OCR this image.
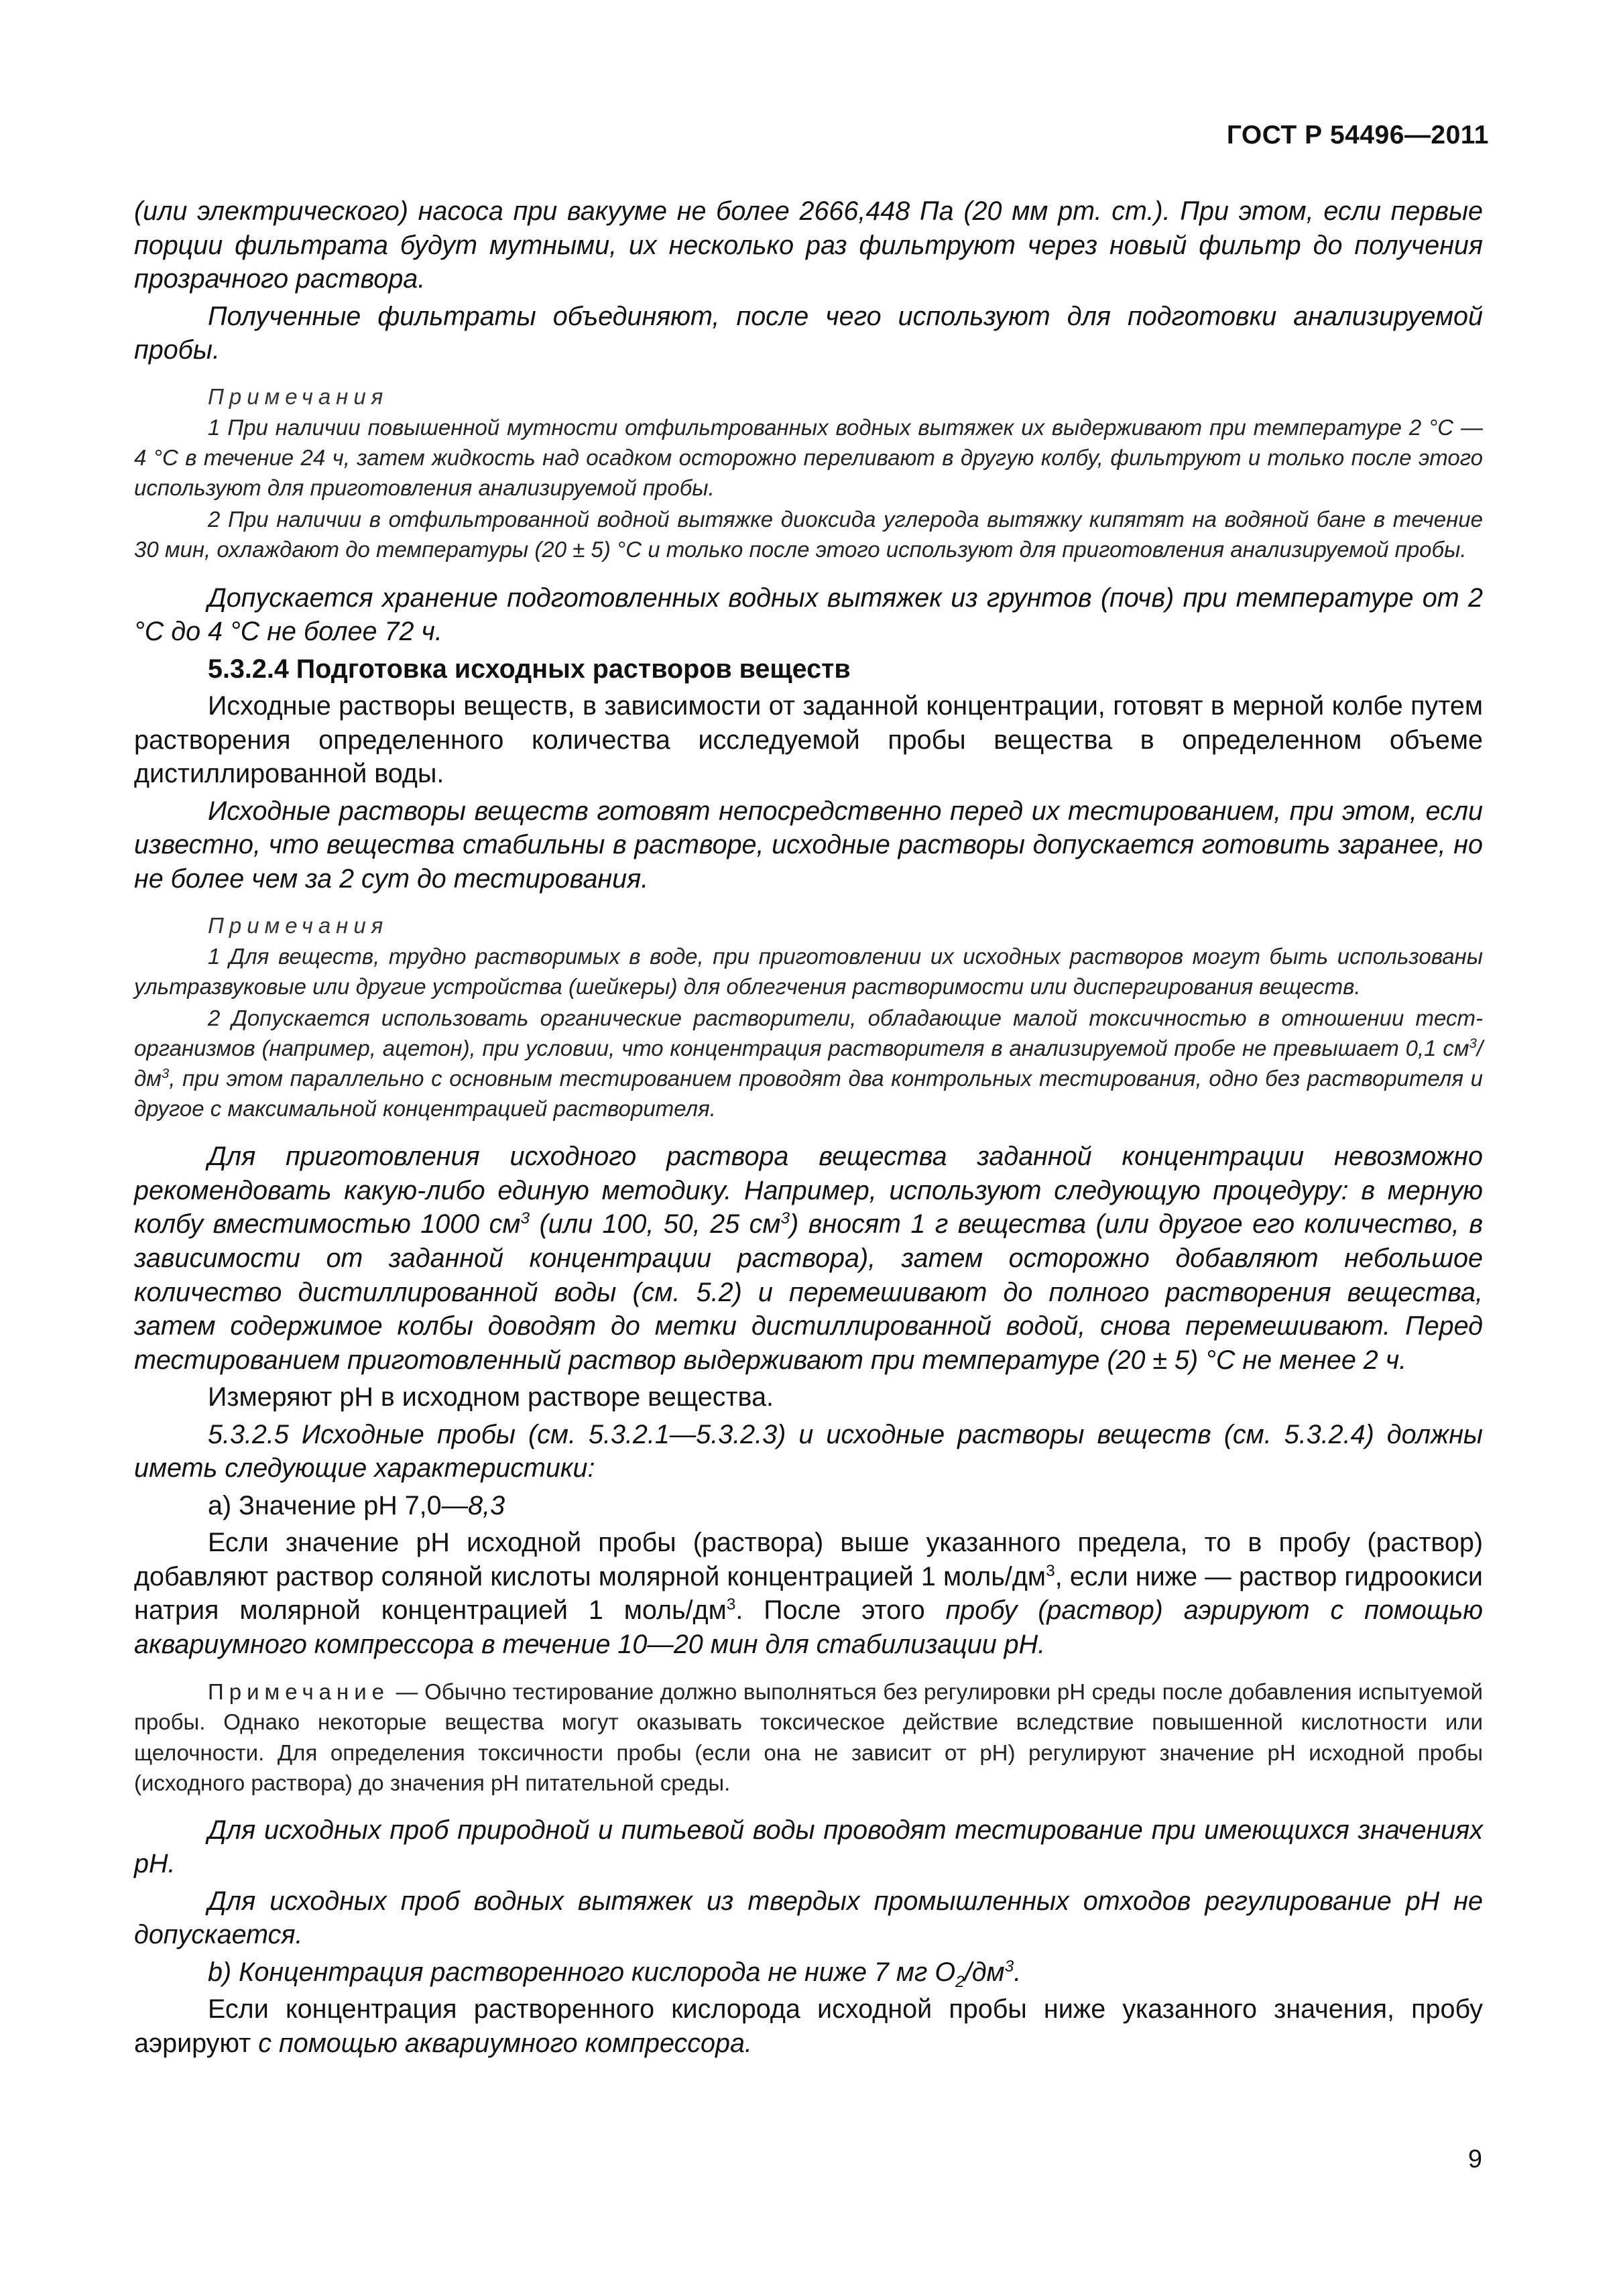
ГОСТ Р 54496—2011

(или электрического) насоса при вакууме не более 2666,448 Па (20 мм рт. ст.). При этом, если первые порции фильтрата будут мутными, их несколько раз фильтруют через новый фильтр до получения прозрачного раствора.

Полученные фильтраты объединяют, после чего используют для подготовки анализируемой пробы.

Примечания

1 При наличии повышенной мутности отфильтрованных водных вытяжек их выдерживают при температуре 2 °С — 4 °С в течение 24 ч, затем жидкость над осадком осторожно переливают в другую колбу, фильтруют и только после этого используют для приготовления анализируемой пробы.

2 При наличии в отфильтрованной водной вытяжке диоксида углерода вытяжку кипятят на водяной бане в течение 30 мин, охлаждают до температуры (20 ± 5) °С и только после этого используют для приготовления анализируемой пробы.

Допускается хранение подготовленных водных вытяжек из грунтов (почв) при температуре от 2 °С до 4 °С не более 72 ч.

5.3.2.4 Подготовка исходных растворов веществ

Исходные растворы веществ, в зависимости от заданной концентрации, готовят в мерной колбе путем растворения определенного количества исследуемой пробы вещества в определенном объеме дистиллированной воды.

Исходные растворы веществ готовят непосредственно перед их тестированием, при этом, если известно, что вещества стабильны в растворе, исходные растворы допускается готовить заранее, но не более чем за 2 сут до тестирования.

Примечания

1 Для веществ, трудно растворимых в воде, при приготовлении их исходных растворов могут быть использованы ультразвуковые или другие устройства (шейкеры) для облегчения растворимости или диспергирования веществ.

2 Допускается использовать органические растворители, обладающие малой токсичностью в отношении тест-организмов (например, ацетон), при условии, что концентрация растворителя в анализируемой пробе не превышает 0,1 $см^3/дм^3$, при этом параллельно с основным тестированием проводят два контрольных тестирования, одно без растворителя и другое с максимальной концентрацией растворителя.

Для приготовления исходного раствора вещества заданной концентрации невозможно рекомендовать какую-либо единую методику. Например, используют следующую процедуру: в мерную колбу вместимостью 1000 $см^3$ (или 100, 50, 25 $см^3$) вносят 1 г вещества (или другое его количество, в зависимости от заданной концентрации раствора), затем осторожно добавляют небольшое количество дистиллированной воды (см. 5.2) и перемешивают до полного растворения вещества, затем содержимое колбы доводят до метки дистиллированной водой, снова перемешивают. Перед тестированием приготовленный раствор выдерживают при температуре (20 ± 5) °С не менее 2 ч.

Измеряют pH в исходном растворе вещества.

5.3.2.5 Исходные пробы (см. 5.3.2.1—5.3.2.3) и исходные растворы веществ (см. 5.3.2.4) должны иметь следующие характеристики:

а) Значение pH 7,0—8,3

Если значение pH исходной пробы (раствора) выше указанного предела, то в пробу (раствор) добавляют раствор соляной кислоты молярной концентрацией 1 моль/$дм^3$, если ниже — раствор гидроокиси натрия молярной концентрацией 1 моль/$дм^3$. После этого пробу (раствор) аэрируют с помощью аквариумного компрессора в течение 10—20 мин для стабилизации pH.

Примечание — Обычно тестирование должно выполняться без регулировки pH среды после добавления испытуемой пробы. Однако некоторые вещества могут оказывать токсическое действие вследствие повышенной кислотности или щелочности. Для определения токсичности пробы (если она не зависит от pH) регулируют значение pH исходной пробы (исходного раствора) до значения pH питательной среды.

Для исходных проб природной и питьевой воды проводят тестирование при имеющихся значениях pH.

Для исходных проб водных вытяжек из твердых промышленных отходов регулирование pH не допускается.

b) Концентрация растворенного кислорода не ниже 7 мг $O_2/дм^3$.

Если концентрация растворенного кислорода исходной пробы ниже указанного значения, пробу аэрируют с помощью аквариумного компрессора.

9
